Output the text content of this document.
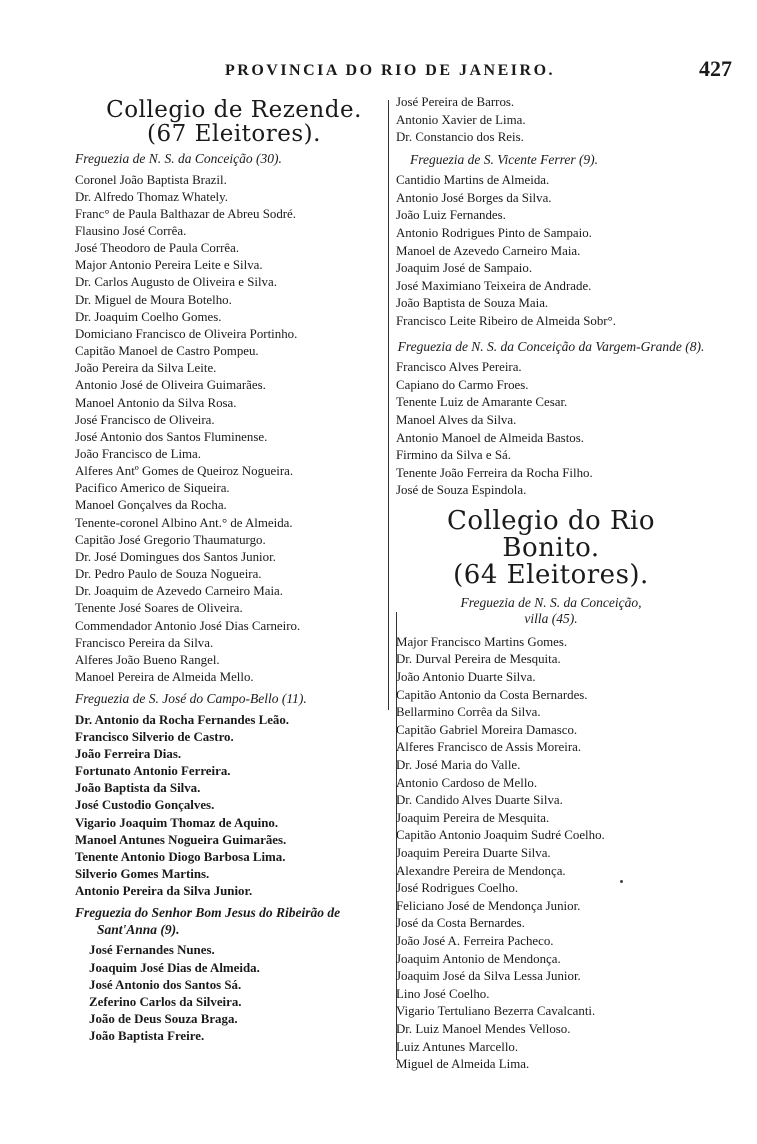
PROVINCIA DO RIO DE JANEIRO.	427
Collegio de Rezende.
(67 Eleitores).
Freguezia de N. S. da Conceição (30).
Coronel João Baptista Brazil.
Dr. Alfredo Thomaz Whately.
Franc° de Paula Balthazar de Abreu Sodré.
Flausino José Corrêa.
José Theodoro de Paula Corrêa.
Major Antonio Pereira Leite e Silva.
Dr. Carlos Augusto de Oliveira e Silva.
Dr. Miguel de Moura Botelho.
Dr. Joaquim Coelho Gomes.
Domiciano Francisco de Oliveira Portinho.
Capitão Manoel de Castro Pompeu.
João Pereira da Silva Leite.
Antonio José de Oliveira Guimarães.
Manoel Antonio da Silva Rosa.
José Francisco de Oliveira.
José Antonio dos Santos Fluminense.
João Francisco de Lima.
Alferes Antº Gomes de Queiroz Nogueira.
Pacifico Americo de Siqueira.
Manoel Gonçalves da Rocha.
Tenente-coronel Albino Ant.° de Almeida.
Capitão José Gregorio Thaumaturgo.
Dr. José Domingues dos Santos Junior.
Dr. Pedro Paulo de Souza Nogueira.
Dr. Joaquim de Azevedo Carneiro Maia.
Tenente José Soares de Oliveira.
Commendador Antonio José Dias Carneiro.
Francisco Pereira da Silva.
Alferes João Bueno Rangel.
Manoel Pereira de Almeida Mello.
Freguezia de S. José do Campo-Bello (11).
Dr. Antonio da Rocha Fernandes Leão.
Francisco Silverio de Castro.
João Ferreira Dias.
Fortunato Antonio Ferreira.
João Baptista da Silva.
José Custodio Gonçalves.
Vigario Joaquim Thomaz de Aquino.
Manoel Antunes Nogueira Guimarães.
Tenente Antonio Diogo Barbosa Lima.
Silverio Gomes Martins.
Antonio Pereira da Silva Junior.
Freguezia do Senhor Bom Jesus do Ribeirão de Sant'Anna (9).
José Fernandes Nunes.
Joaquim José Dias de Almeida.
José Antonio dos Santos Sá.
Zeferino Carlos da Silveira.
João de Deus Souza Braga.
João Baptista Freire.
José Pereira de Barros.
Antonio Xavier de Lima.
Dr. Constancio dos Reis.
Freguezia de S. Vicente Ferrer (9).
Cantidio Martins de Almeida.
Antonio José Borges da Silva.
João Luiz Fernandes.
Antonio Rodrigues Pinto de Sampaio.
Manoel de Azevedo Carneiro Maia.
Joaquim José de Sampaio.
José Maximiano Teixeira de Andrade.
João Baptista de Souza Maia.
Francisco Leite Ribeiro de Almeida Sobr°.
Freguezia de N. S. da Conceição da Vargem-Grande (8).
Francisco Alves Pereira.
Capiano do Carmo Froes.
Tenente Luiz de Amarante Cesar.
Manoel Alves da Silva.
Antonio Manoel de Almeida Bastos.
Firmino da Silva e Sá.
Tenente João Ferreira da Rocha Filho.
José de Souza Espindola.
Collegio do Rio Bonito.
(64 Eleitores).
Freguezia de N. S. da Conceição,
villa (45).
Major Francisco Martins Gomes.
Dr. Durval Pereira de Mesquita.
João Antonio Duarte Silva.
Capitão Antonio da Costa Bernardes.
Bellarmino Corrêa da Silva.
Capitão Gabriel Moreira Damasco.
Alferes Francisco de Assis Moreira.
Dr. José Maria do Valle.
Antonio Cardoso de Mello.
Dr. Candido Alves Duarte Silva.
Joaquim Pereira de Mesquita.
Capitão Antonio Joaquim Sudré Coelho.
Joaquim Pereira Duarte Silva.
Alexandre Pereira de Mendonça.
José Rodrigues Coelho.
Feliciano José de Mendonça Junior.
José da Costa Bernardes.
João José A. Ferreira Pacheco.
Joaquim Antonio de Mendonça.
Joaquim José da Silva Lessa Junior.
Lino José Coelho.
Vigario Tertuliano Bezerra Cavalcanti.
Dr. Luiz Manoel Mendes Velloso.
Luiz Antunes Marcello.
Miguel de Almeida Lima.
